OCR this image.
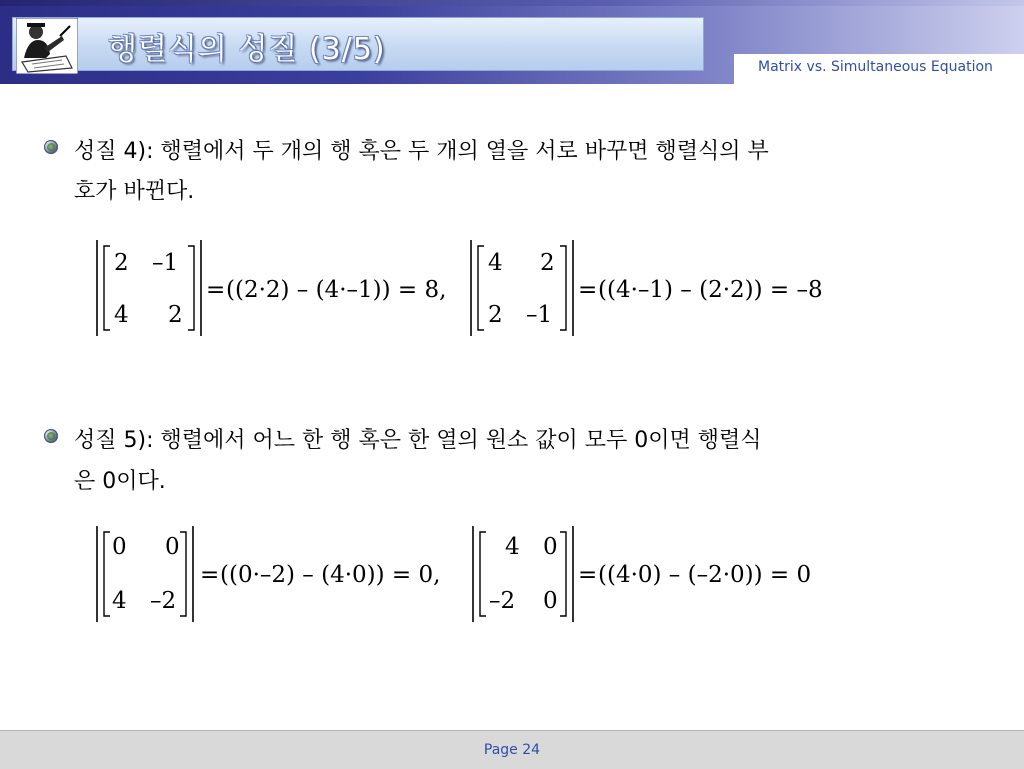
행렬식의 성질 (3/5)	Matrix vs. Simultaneous Equation
성질 4): 행렬에서 두 개의 행 혹은 두 개의 열을 서로 바꾸면 행렬식의 부
호가 바뀐다.
성질 5): 행렬에서 어느 한 행 혹은 한 열의 원소 값이 모두 0이면 행렬식
은 0이다.
2 –1
4 2
= ((2·2) – (4·–1)) = 8,
4 2
2 –1
= ((4·–1) – (2·2)) = –8
0 0
4 –2
= ((0·–2) – (4·0)) = 0,
4 0
–2 0
= ((4·0) – (–2·0)) = 0
Page 24
